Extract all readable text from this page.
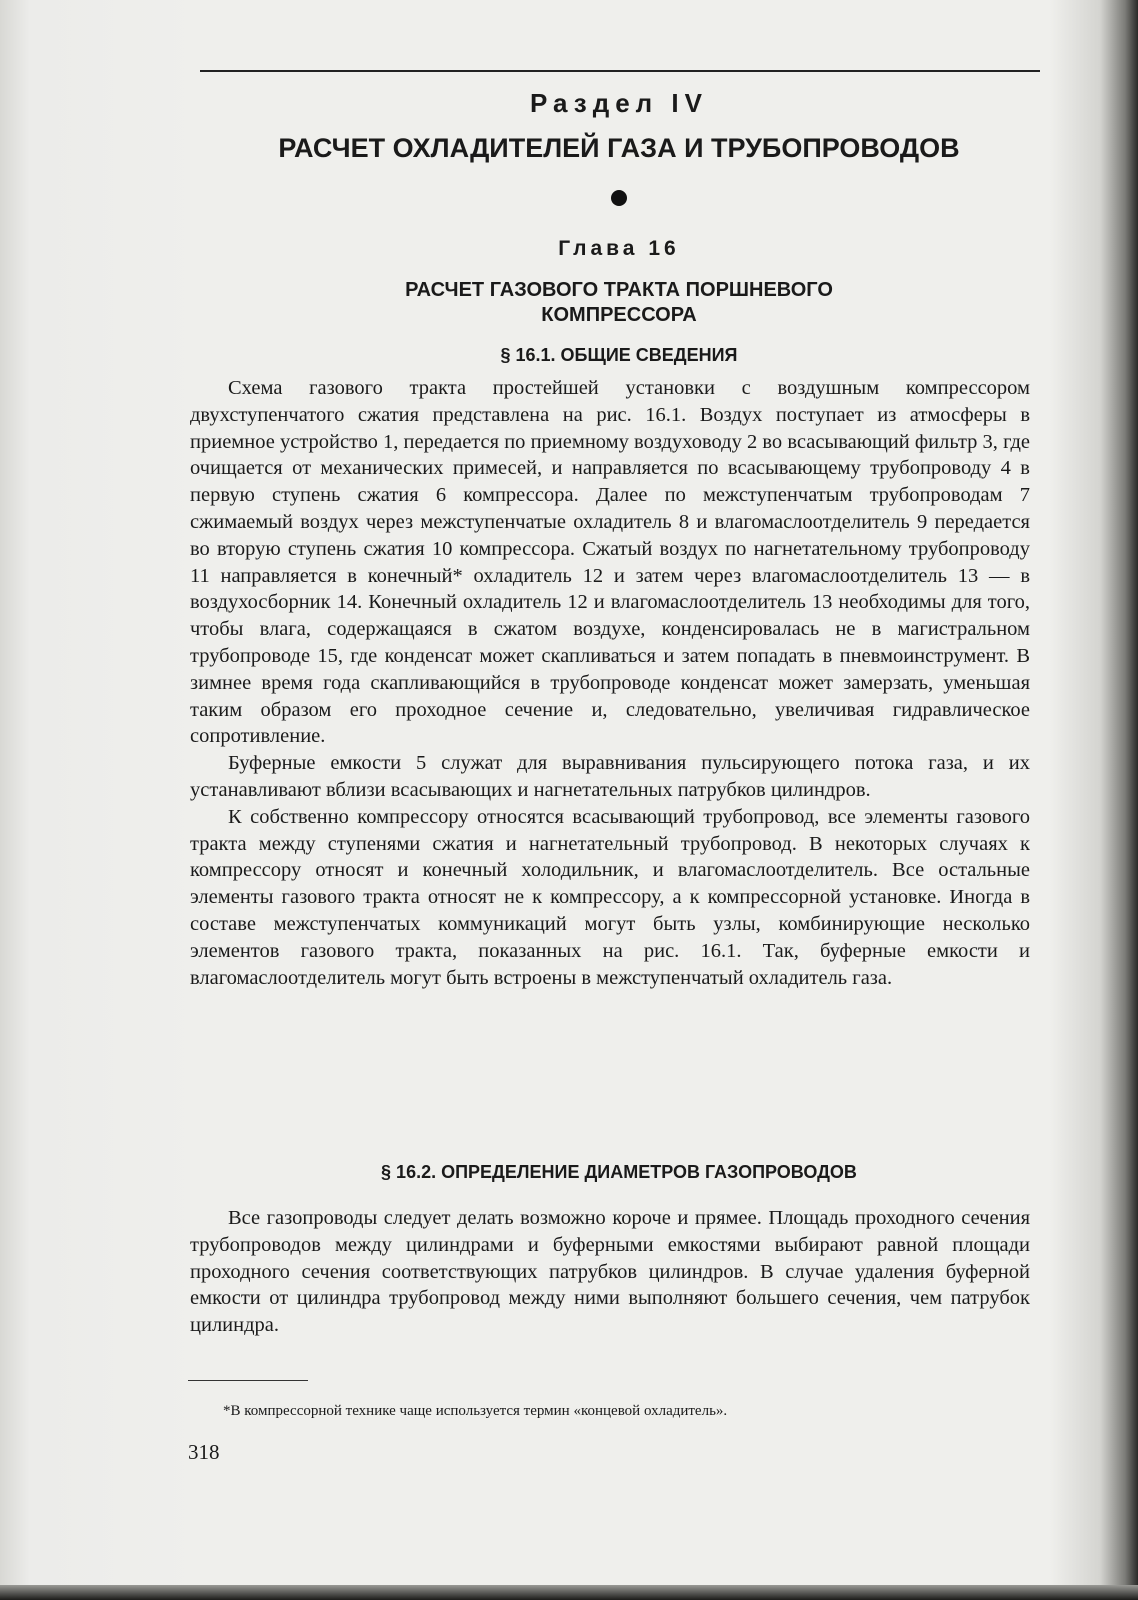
Раздел IV
РАСЧЕТ ОХЛАДИТЕЛЕЙ ГАЗА И ТРУБОПРОВОДОВ
Глава 16
РАСЧЕТ ГАЗОВОГО ТРАКТА ПОРШНЕВОГО
КОМПРЕССОРА
§ 16.1. ОБЩИЕ СВЕДЕНИЯ

Схема газового тракта простейшей установки с воздушным компрессором двухступенчатого сжатия представлена на рис. 16.1. Воздух поступает из атмосферы в приемное устройство 1, передается по приемному воздуховоду 2 во всасывающий фильтр 3, где очищается от механических примесей, и направляется по всасывающему трубопроводу 4 в первую ступень сжатия 6 компрессора. Далее по межступенчатым трубопроводам 7 сжимаемый воздух через межступенчатые охладитель 8 и влагомаслоотделитель 9 передается во вторую ступень сжатия 10 компрессора. Сжатый воздух по нагнетательному трубопроводу 11 направляется в конечный* охладитель 12 и затем через влагомаслоотделитель 13 — в воздухосборник 14. Конечный охладитель 12 и влагомаслоотделитель 13 необходимы для того, чтобы влага, содержащаяся в сжатом воздухе, конденсировалась не в магистральном трубопроводе 15, где конденсат может скапливаться и затем попадать в пневмоинструмент. В зимнее время года скапливающийся в трубопроводе конденсат может замерзать, уменьшая таким образом его проходное сечение и, следовательно, увеличивая гидравлическое сопротивление.

Буферные емкости 5 служат для выравнивания пульсирующего потока газа, и их устанавливают вблизи всасывающих и нагнетательных патрубков цилиндров.

К собственно компрессору относятся всасывающий трубопровод, все элементы газового тракта между ступенями сжатия и нагнетательный трубопровод. В некоторых случаях к компрессору относят и конечный холодильник, и влагомаслоотделитель. Все остальные элементы газового тракта относят не к компрессору, а к компрессорной установке. Иногда в составе межступенчатых коммуникаций могут быть узлы, комбинирующие несколько элементов газового тракта, показанных на рис. 16.1. Так, буферные емкости и влагомаслоотделитель могут быть встроены в межступенчатый охладитель газа.

§ 16.2. ОПРЕДЕЛЕНИЕ ДИАМЕТРОВ ГАЗОПРОВОДОВ

Все газопроводы следует делать возможно короче и прямее. Площадь проходного сечения трубопроводов между цилиндрами и буферными емкостями выбирают равной площади проходного сечения соответствующих патрубков цилиндров. В случае удаления буферной емкости от цилиндра трубопровод между ними выполняют большего сечения, чем патрубок цилиндра.

*В компрессорной технике чаще используется термин «концевой охладитель».
318
